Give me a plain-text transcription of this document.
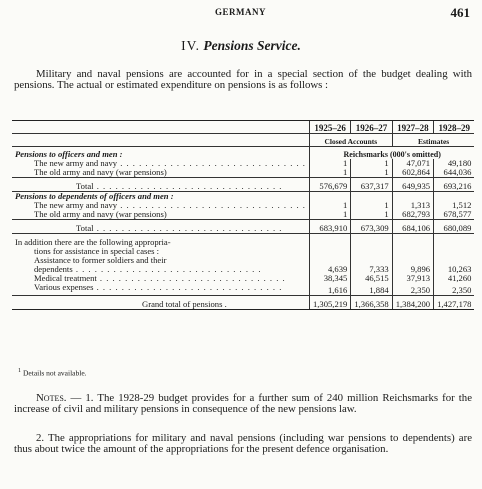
GERMANY	461
IV. Pensions Service.
Military and naval pensions are accounted for in a special section of the budget dealing with pensions. The actual or estimated expenditure on pensions is as follows :
	1925–26	1926–27	1927–28	1928–29
	Closed Accounts		Estimates	
Pensions to officers and men :	Reichsmarks (000's omitted)			

The new army and navy . . .	1	1	47,071	49,180

The old army and navy (war pensions)	1	1	602,864	644,036

Total . . .	576,679	637,317	649,935	693,216
Pensions to dependents of officers and men :				

The new army and navy . . .	1	1	1,313	1,512

The old army and navy (war pensions)	1	1	682,793	678,577

Total . . .	683,910	673,309	684,106	680,089
In addition there are the following appropria-				
tions for assistance in special cases :				
Assistance to former soldiers and their				

dependents . . .	4,639	7,333	9,896	10,263

Medical treatment . . .	38,345	46,515	37,913	41,260

Various expenses . . .	1,616	1,884	2,350	2,350

Grand total of pensions .	1,305,219	1,366,358	1,384,200	1,427,178
$^1$ Details not available.
Notes. — 1. The 1928-29 budget provides for a further sum of 240 million Reichsmarks for the increase of civil and military pensions in consequence of the new pensions law.
2. The appropriations for military and naval pensions (including war pensions to dependents) are thus about twice the amount of the appropriations for the present defence organisation.
